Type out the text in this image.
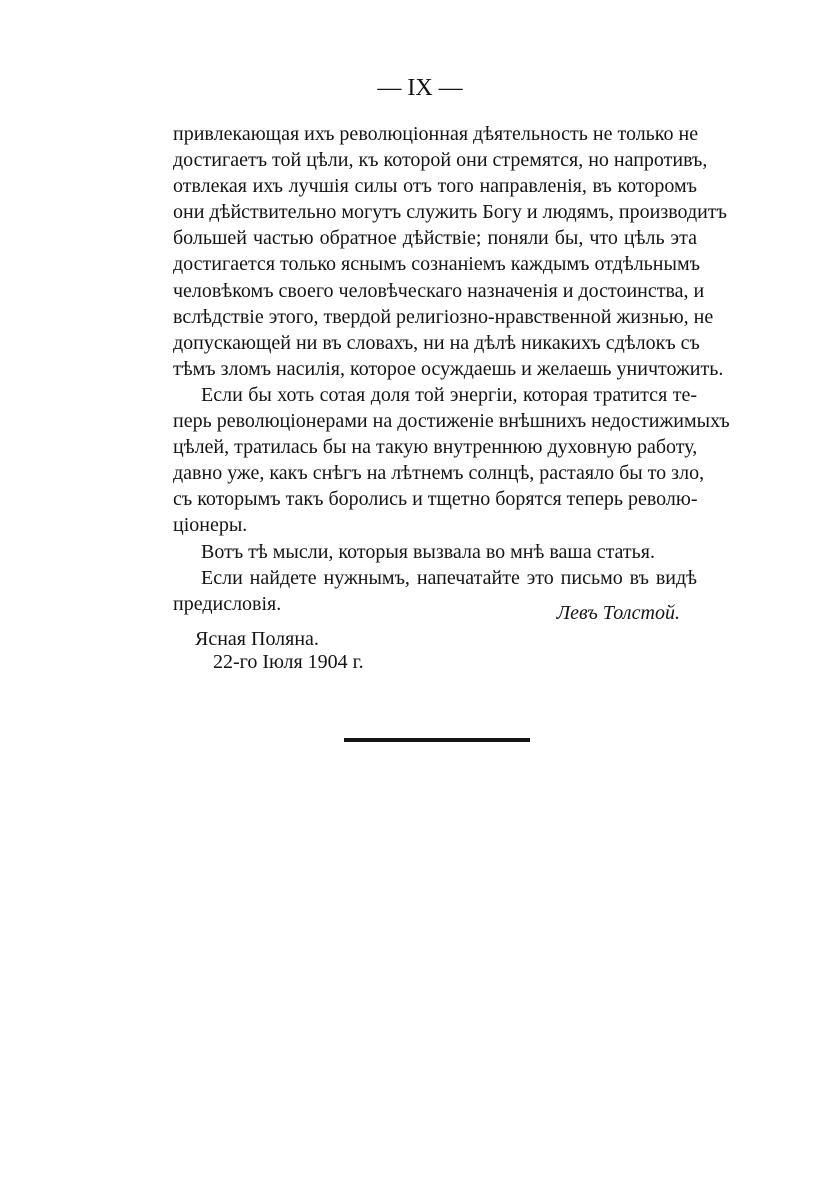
— IX —
привлекающая ихъ революціонная дѣятельность не только не
достигаетъ той цѣли, къ которой они стремятся, но напротивъ,
отвлекая ихъ лучшія силы отъ того направленія, въ которомъ
они дѣйствительно могутъ служить Богу и людямъ, производитъ
большей частью обратное дѣйствіе; поняли бы, что цѣль эта
достигается только яснымъ сознаніемъ каждымъ отдѣльнымъ
человѣкомъ своего человѣческаго назначенія и достоинства, и
вслѣдствіе этого, твердой религіозно-нравственной жизнью, не
допускающей ни въ словахъ, ни на дѣлѣ никакихъ сдѣлокъ съ
тѣмъ зломъ насилія, которое осуждаешь и желаешь уничтожить.
Если бы хоть сотая доля той энергіи, которая тратится те-
перь революціонерами на достиженіе внѣшнихъ недостижимыхъ
цѣлей, тратилась бы на такую внутреннюю духовную работу,
давно уже, какъ снѣгъ на лѣтнемъ солнцѣ, растаяло бы то зло,
съ которымъ такъ боролись и тщетно борятся теперь револю-
ціонеры.
Вотъ тѣ мысли, которыя вызвала во мнѣ ваша статья.
Если найдете нужнымъ, напечатайте это письмо въ видѣ
предисловія.	Левъ Толстой.
Ясная Поляна.
22-го Іюля 1904 г.
